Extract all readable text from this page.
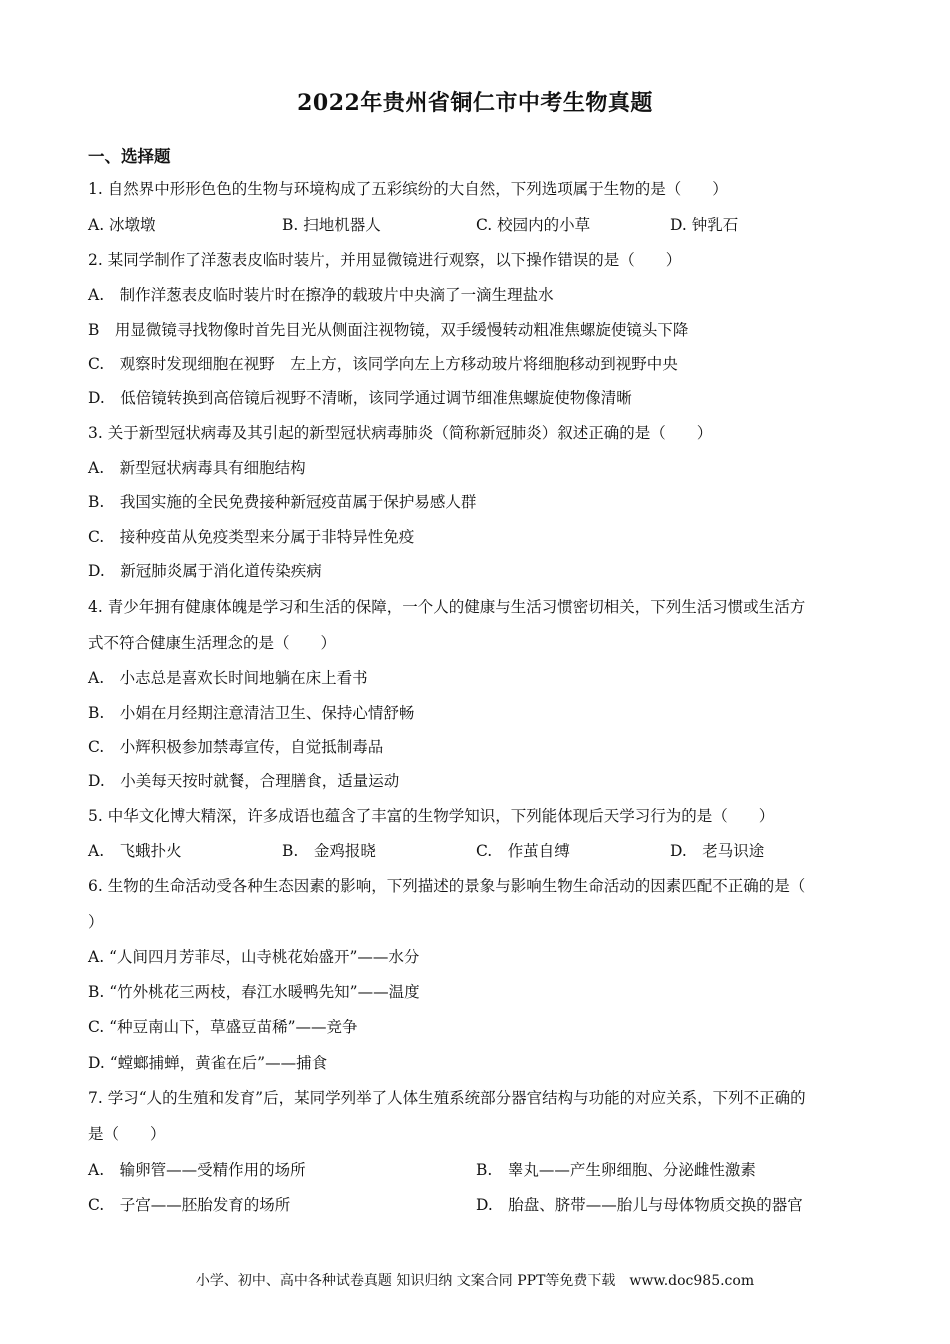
2022年贵州省铜仁市中考生物真题
一、选择题
1. 自然界中形形色色的生物与环境构成了五彩缤纷的大自然，下列选项属于生物的是（　　）
A. 冰墩墩	B. 扫地机器人	C. 校园内的小草	D. 钟乳石
2. 某同学制作了洋葱表皮临时装片，并用显微镜进行观察，以下操作错误的是（　　）
A.　制作洋葱表皮临时装片时在擦净的载玻片中央滴了一滴生理盐水
B　用显微镜寻找物像时首先目光从侧面注视物镜，双手缓慢转动粗准焦螺旋使镜头下降
C.　观察时发现细胞在视野　左上方，该同学向左上方移动玻片将细胞移动到视野中央
D.　低倍镜转换到高倍镜后视野不清晰，该同学通过调节细准焦螺旋使物像清晰
3. 关于新型冠状病毒及其引起的新型冠状病毒肺炎（简称新冠肺炎）叙述正确的是（　　）
A.　新型冠状病毒具有细胞结构
B.　我国实施的全民免费接种新冠疫苗属于保护易感人群
C.　接种疫苗从免疫类型来分属于非特异性免疫
D.　新冠肺炎属于消化道传染疾病
4. 青少年拥有健康体魄是学习和生活的保障，一个人的健康与生活习惯密切相关，下列生活习惯或生活方
式不符合健康生活理念的是（　　）
A.　小志总是喜欢长时间地躺在床上看书
B.　小娟在月经期注意清洁卫生、保持心情舒畅
C.　小辉积极参加禁毒宣传，自觉抵制毒品
D.　小美每天按时就餐，合理膳食，适量运动
5. 中华文化博大精深，许多成语也蕴含了丰富的生物学知识，下列能体现后天学习行为的是（　　）
A.　飞蛾扑火	B.　金鸡报晓	C.　作茧自缚	D.　老马识途
6. 生物的生命活动受各种生态因素的影响，下列描述的景象与影响生物生命活动的因素匹配不正确的是（
）
A. “人间四月芳菲尽，山寺桃花始盛开”——水分
B. “竹外桃花三两枝，春江水暖鸭先知”——温度
C. “种豆南山下，草盛豆苗稀”——竞争
D. “螳螂捕蝉，黄雀在后”——捕食
7. 学习“人的生殖和发育”后，某同学列举了人体生殖系统部分器官结构与功能的对应关系，下列不正确的
是（　　）
A.　输卵管——受精作用的场所	B.　睾丸——产生卵细胞、分泌雌性激素
C.　子宫——胚胎发育的场所	D.　胎盘、脐带——胎儿与母体物质交换的器官
小学、初中、高中各种试卷真题 知识归纳 文案合同 PPT等免费下载　www.doc985.com
